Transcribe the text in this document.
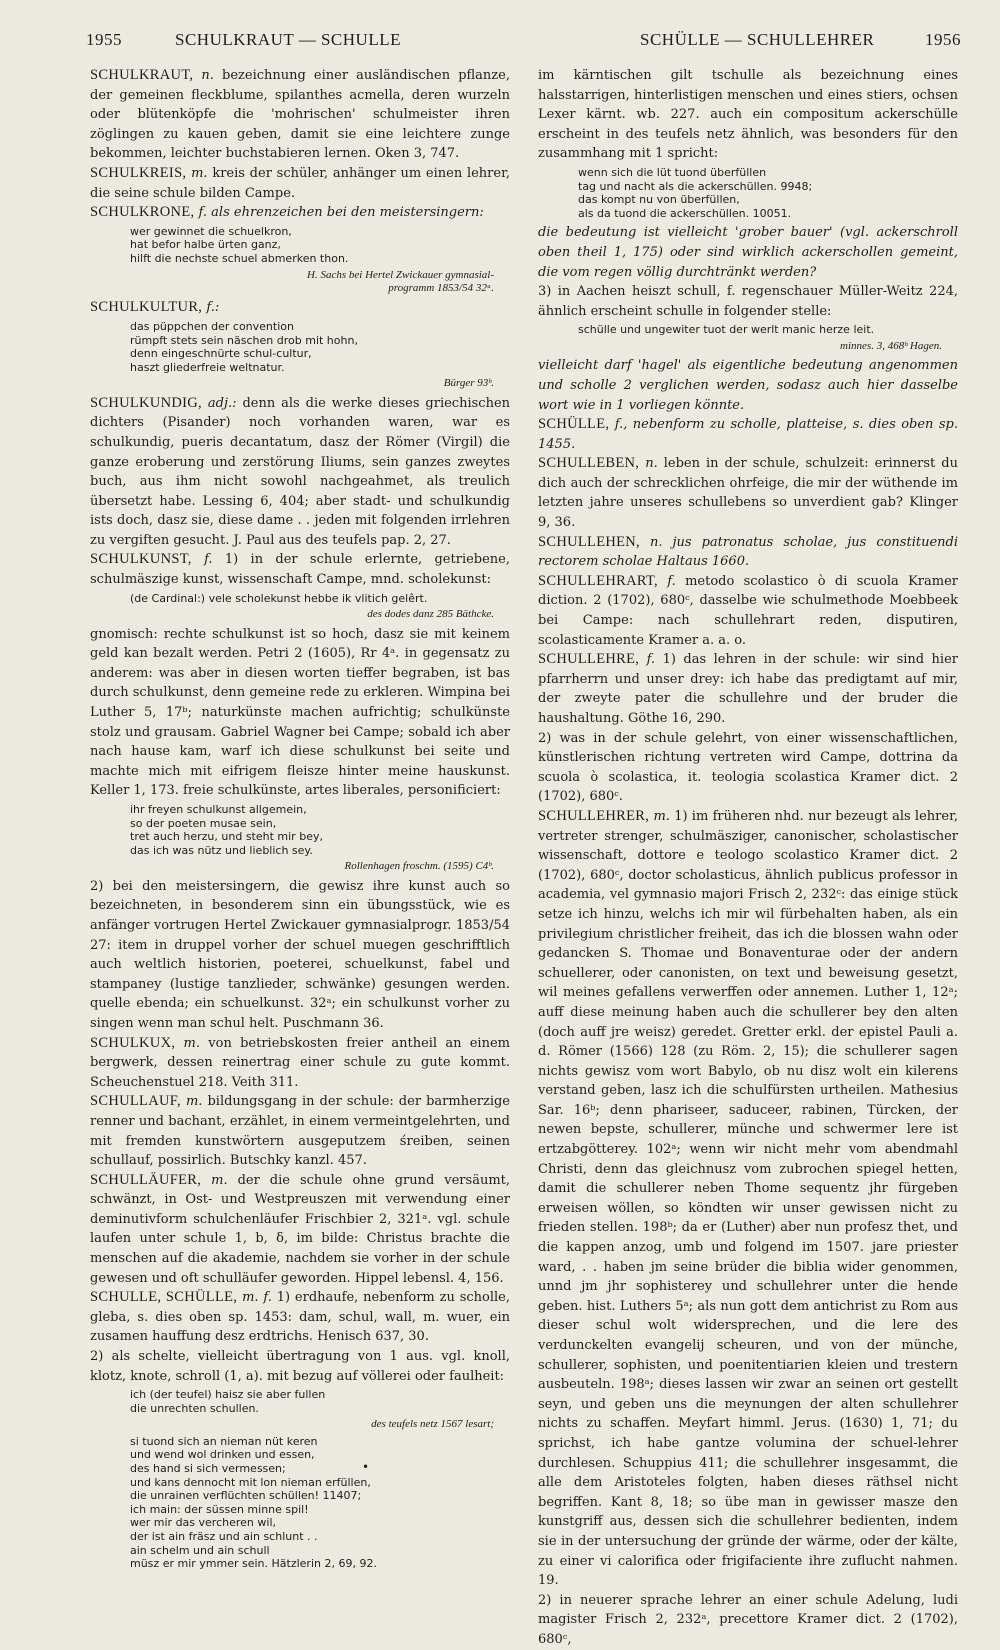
1955	SCHULKRAUT — SCHULLE	SCHÜLLE — SCHULLEHRER	1956

SCHULKRAUT, n. bezeichnung einer ausländischen pflanze, der gemeinen fleckblume, spilanthes acmella, deren wurzeln oder blütenköpfe die 'mohrischen' schulmeister ihren zöglingen zu kauen geben, damit sie eine leichtere zunge bekommen, leichter buchstabieren lernen. Oken 3, 747.

SCHULKREIS, m. kreis der schüler, anhänger um einen lehrer, die seine schule bilden Campe.

SCHULKRONE, f. als ehrenzeichen bei den meistersingern:

wer gewinnet die schuelkron,
hat befor halbe ürten ganz,
hilft die nechste schuel abmerken thon.
H. Sachs bei Hertel Zwickauer gymnasial-
programm 1853/54 32ᵃ.

SCHULKULTUR, f.:

das püppchen der convention
rümpft stets sein näschen drob mit hohn,
denn eingeschnürte schul-cultur,
haszt gliederfreie weltnatur.
Bürger 93ᵇ.

SCHULKUNDIG, adj.: denn als die werke dieses griechischen dichters (Pisander) noch vorhanden waren, war es schulkundig, pueris decantatum, dasz der Römer (Virgil) die ganze eroberung und zerstörung Iliums, sein ganzes zweytes buch, aus ihm nicht sowohl nachgeahmet, als treulich übersetzt habe. Lessing 6, 404; aber stadt- und schulkundig ists doch, dasz sie, diese dame . . jeden mit folgenden irrlehren zu vergiften gesucht. J. Paul aus des teufels pap. 2, 27.

SCHULKUNST, f. 1) in der schule erlernte, getriebene, schulmäszige kunst, wissenschaft Campe, mnd. scholekunst:

(de Cardinal:) vele scholekunst hebbe ik vlitich gelêrt.
des dodes danz 285 Bäthcke.

gnomisch: rechte schulkunst ist so hoch, dasz sie mit keinem geld kan bezalt werden. Petri 2 (1605), Rr 4ᵃ. in gegensatz zu anderem: was aber in diesen worten tieffer begraben, ist bas durch schulkunst, denn gemeine rede zu erkleren. Wimpina bei Luther 5, 17ᵇ; naturkünste machen aufrichtig; schulkünste stolz und grausam. Gabriel Wagner bei Campe; sobald ich aber nach hause kam, warf ich diese schulkunst bei seite und machte mich mit eifrigem fleisze hinter meine hauskunst. Keller 1, 173. freie schulkünste, artes liberales, personificiert:

ihr freyen schulkunst allgemein,
so der poeten musae sein,
tret auch herzu, und steht mir bey,
das ich was nütz und lieblich sey.
Rollenhagen froschm. (1595) C4ᵇ.

2) bei den meistersingern, die gewisz ihre kunst auch so bezeichneten, in besonderem sinn ein übungsstück, wie es anfänger vortrugen Hertel Zwickauer gymnasialprogr. 1853/54 27: item in druppel vorher der schuel muegen geschrifftlich auch weltlich historien, poeterei, schuelkunst, fabel und stampaney (lustige tanzlieder, schwänke) gesungen werden. quelle ebenda; ein schuelkunst. 32ᵃ; ein schulkunst vorher zu singen wenn man schul helt. Puschmann 36.

SCHULKUX, m. von betriebskosten freier antheil an einem bergwerk, dessen reinertrag einer schule zu gute kommt. Scheuchenstuel 218. Veith 311.

SCHULLAUF, m. bildungsgang in der schule: der barmherzige renner und bachant, erzählet, in einem vermeintgelehrten, und mit fremden kunstwörtern ausgeputzem śreiben, seinen schullauf, possirlich. Butschky kanzl. 457.

SCHULLÄUFER, m. der die schule ohne grund versäumt, schwänzt, in Ost- und Westpreuszen mit verwendung einer deminutivform schulchenläufer Frischbier 2, 321ᵃ. vgl. schule laufen unter schule 1, b, δ, im bilde: Christus brachte die menschen auf die akademie, nachdem sie vorher in der schule gewesen und oft schulläufer geworden. Hippel lebensl. 4, 156.

SCHULLE, SCHÜLLE, m. f. 1) erdhaufe, nebenform zu scholle, gleba, s. dies oben sp. 1453: dam, schul, wall, m. wuer, ein zusamen hauffung desz erdtrichs. Henisch 637, 30.

2) als schelte, vielleicht übertragung von 1 aus. vgl. knoll, klotz, knote, schroll (1, a). mit bezug auf völlerei oder faulheit:

ich (der teufel) haisz sie aber fullen
die unrechten schullen.
des teufels netz 1567 lesart;
si tuond sich an nieman nüt keren
und wend wol drinken und essen,
des hand si sich vermessen;
und kans dennocht mit lon nieman erfüllen,
die unrainen verflüchten schüllen! 11407;
ich main: der süssen minne spil!
wer mir das vercheren wil,
der ist ain fräsz und ain schlunt . .
ain schelm und ain schull
müsz er mir ymmer sein. Hätzlerin 2, 69, 92.

im kärntischen gilt tschulle als bezeichnung eines halsstarrigen, hinterlistigen menschen und eines stiers, ochsen Lexer kärnt. wb. 227. auch ein compositum ackerschülle erscheint in des teufels netz ähnlich, was besonders für den zusammhang mit 1 spricht:

wenn sich die lüt tuond überfüllen
tag und nacht als die ackerschüllen. 9948;
das kompt nu von überfüllen,
als da tuond die ackerschüllen. 10051.

die bedeutung ist vielleicht 'grober bauer' (vgl. ackerschroll oben theil 1, 175) oder sind wirklich ackerschollen gemeint, die vom regen völlig durchtränkt werden?

3) in Aachen heiszt schull, f. regenschauer Müller-Weitz 224, ähnlich erscheint schulle in folgender stelle:

schülle und ungewiter tuot der werlt manic herze leit.
minnes. 3, 468ᵇ Hagen.

vielleicht darf 'hagel' als eigentliche bedeutung angenommen und scholle 2 verglichen werden, sodasz auch hier dasselbe wort wie in 1 vorliegen könnte.

SCHÜLLE, f., nebenform zu scholle, platteise, s. dies oben sp. 1455.

SCHULLEBEN, n. leben in der schule, schulzeit: erinnerst du dich auch der schrecklichen ohrfeige, die mir der wüthende im letzten jahre unseres schullebens so unverdient gab? Klinger 9, 36.

SCHULLEHEN, n. jus patronatus scholae, jus constituendi rectorem scholae Haltaus 1660.

SCHULLEHRART, f. metodo scolastico ò di scuola Kramer diction. 2 (1702), 680ᶜ, dasselbe wie schulmethode Moebbeek bei Campe: nach schullehrart reden, disputiren, scolasticamente Kramer a. a. o.

SCHULLEHRE, f. 1) das lehren in der schule: wir sind hier pfarrherrn und unser drey: ich habe das predigtamt auf mir, der zweyte pater die schullehre und der bruder die haushaltung. Göthe 16, 290.

2) was in der schule gelehrt, von einer wissenschaftlichen, künstlerischen richtung vertreten wird Campe, dottrina da scuola ò scolastica, it. teologia scolastica Kramer dict. 2 (1702), 680ᶜ.

SCHULLEHRER, m. 1) im früheren nhd. nur bezeugt als lehrer, vertreter strenger, schulmäsziger, canonischer, scholastischer wissenschaft, dottore e teologo scolastico Kramer dict. 2 (1702), 680ᶜ, doctor scholasticus, ähnlich publicus professor in academia, vel gymnasio majori Frisch 2, 232ᶜ: das einige stück setze ich hinzu, welchs ich mir wil fürbehalten haben, als ein privilegium christlicher freiheit, das ich die blossen wahn oder gedancken S. Thomae und Bonaventurae oder der andern schuellerer, oder canonisten, on text und beweisung gesetzt, wil meines gefallens verwerffen oder annemen. Luther 1, 12ᵃ; auff diese meinung haben auch die schullerer bey den alten (doch auff jre weisz) geredet. Gretter erkl. der epistel Pauli a. d. Römer (1566) 128 (zu Röm. 2, 15); die schullerer sagen nichts gewisz vom wort Babylo, ob nu disz wolt ein kilerens verstand geben, lasz ich die schulfürsten urtheilen. Mathesius Sar. 16ᵇ; denn phariseer, saduceer, rabinen, Türcken, der newen bepste, schullerer, münche und schwermer lere ist ertzabgötterey. 102ᵃ; wenn wir nicht mehr vom abendmahl Christi, denn das gleichnusz vom zubrochen spiegel hetten, damit die schullerer neben Thome sequentz jhr fürgeben erweisen wöllen, so köndten wir unser gewissen nicht zu frieden stellen. 198ᵇ; da er (Luther) aber nun profesz thet, und die kappen anzog, umb und folgend im 1507. jare priester ward, . . haben jm seine brüder die biblia wider genommen, unnd jm jhr sophisterey und schullehrer unter die hende geben. hist. Luthers 5ᵃ; als nun gott dem antichrist zu Rom aus dieser schul wolt widersprechen, und die lere des verdunckelten evangelij scheuren, und von der münche, schullerer, sophisten, und poenitentiarien kleien und trestern ausbeuteln. 198ᵃ; dieses lassen wir zwar an seinen ort gestellt seyn, und geben uns die meynungen der alten schullehrer nichts zu schaffen. Meyfart himml. Jerus. (1630) 1, 71; du sprichst, ich habe gantze volumina der schuel-lehrer durchlesen. Schuppius 411; die schullehrer insgesammt, die alle dem Aristoteles folgten, haben dieses räthsel nicht begriffen. Kant 8, 18; so übe man in gewisser masze den kunstgriff aus, dessen sich die schullehrer bedienten, indem sie in der untersuchung der gründe der wärme, oder der kälte, zu einer vi calorifica oder frigifaciente ihre zuflucht nahmen. 19.

2) in neuerer sprache lehrer an einer schule Adelung, ludi magister Frisch 2, 232ᵃ, precettore Kramer dict. 2 (1702), 680ᶜ,

•
